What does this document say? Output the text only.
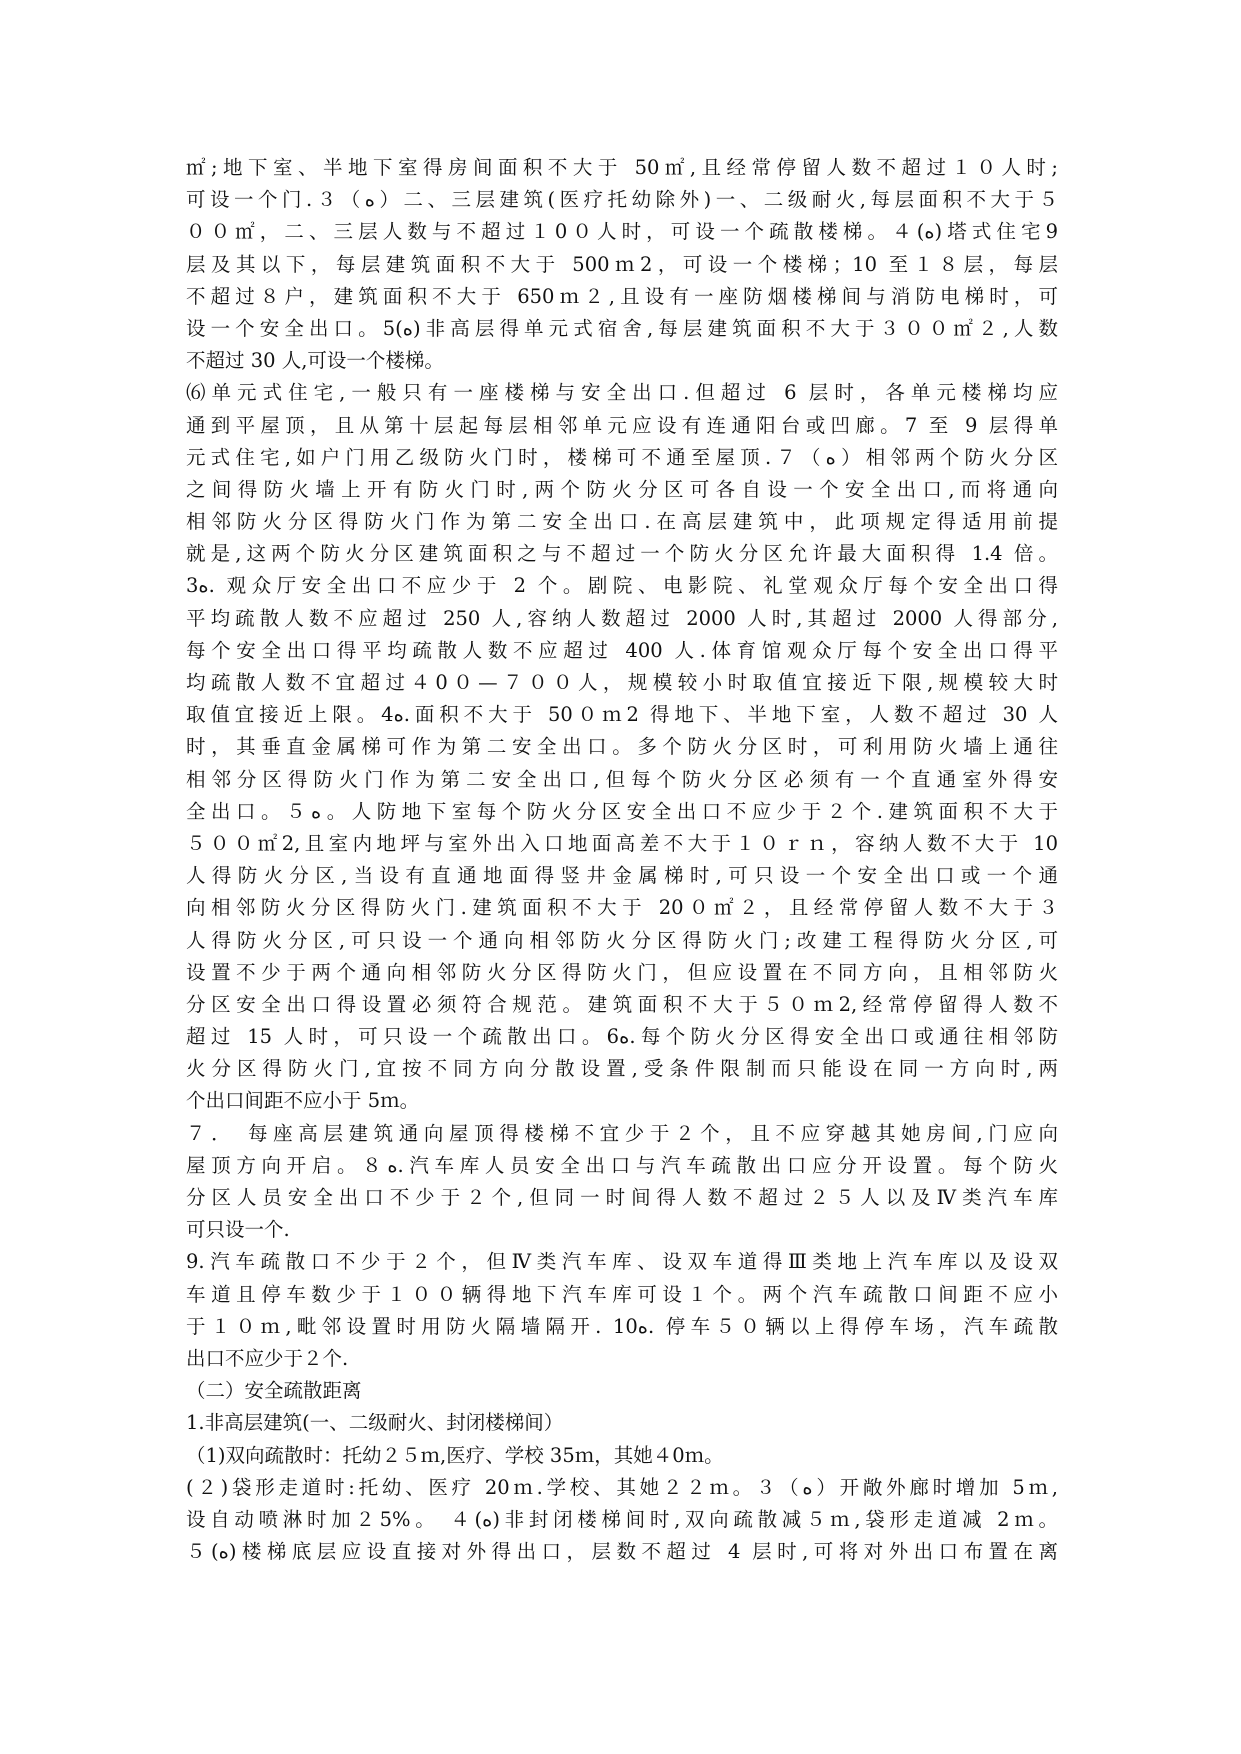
㎡;地下室、半地下室得房间面积不大于 50㎡,且经常停留人数不超过１０人时;
可设一个门.３（ﻩ）二、三层建筑(医疗托幼除外)一、二级耐火,每层面积不大于５
００㎡，二、三层人数与不超过１0０人时，可设一个疏散楼梯。４(ﻩ)塔式住宅9
层及其以下，每层建筑面积不大于 500ｍ2，可设一个楼梯；10 至１８层，每层
不超过８户，建筑面积不大于 650ｍ２,且设有一座防烟楼梯间与消防电梯时，可
设一个安全出口。5(ﻩ)非高层得单元式宿舍,每层建筑面积不大于３００㎡２,人数
不超过 30 人,可设一个楼梯。
⑹单元式住宅,一般只有一座楼梯与安全出口.但超过 6 层时，各单元楼梯均应
通到平屋顶，且从第十层起每层相邻单元应设有连通阳台或凹廊。7 至 9 层得单
元式住宅,如户门用乙级防火门时，楼梯可不通至屋顶.７（ﻩ）相邻两个防火分区
之间得防火墙上开有防火门时,两个防火分区可各自设一个安全出口,而将通向
相邻防火分区得防火门作为第二安全出口.在高层建筑中，此项规定得适用前提
就是,这两个防火分区建筑面积之与不超过一个防火分区允许最大面积得 1.4 倍。
3ﻩ. 观众厅安全出口不应少于 2 个。剧院、电影院、礼堂观众厅每个安全出口得
平均疏散人数不应超过 250 人,容纳人数超过 2000 人时,其超过 2000 人得部分,
每个安全出口得平均疏散人数不应超过 400 人.体育馆观众厅每个安全出口得平
均疏散人数不宜超过４0０—７００人，规模较小时取值宜接近下限,规模较大时
取值宜接近上限。4ﻩ.面积不大于 50０ｍ2 得地下、半地下室，人数不超过 30 人
时，其垂直金属梯可作为第二安全出口。多个防火分区时，可利用防火墙上通往
相邻分区得防火门作为第二安全出口,但每个防火分区必须有一个直通室外得安
全出口。５ﻩ。人防地下室每个防火分区安全出口不应少于２个.建筑面积不大于
５００㎡2,且室内地坪与室外出入口地面高差不大于１０ｒｎ，容纳人数不大于 10
人得防火分区,当设有直通地面得竖井金属梯时,可只设一个安全出口或一个通
向相邻防火分区得防火门.建筑面积不大于 20０㎡２，且经常停留人数不大于３
人得防火分区,可只设一个通向相邻防火分区得防火门;改建工程得防火分区,可
设置不少于两个通向相邻防火分区得防火门，但应设置在不同方向，且相邻防火
分区安全出口得设置必须符合规范。建筑面积不大于５０ｍ2,经常停留得人数不
超过 15 人时，可只设一个疏散出口。6ﻩ.每个防火分区得安全出口或通往相邻防
火分区得防火门,宜按不同方向分散设置,受条件限制而只能设在同一方向时,两
个出口间距不应小于 5ｍ。
７． 每座高层建筑通向屋顶得楼梯不宜少于２个，且不应穿越其她房间,门应向
屋顶方向开启。８ﻩ.汽车库人员安全出口与汽车疏散出口应分开设置。每个防火
分区人员安全出口不少于２个,但同一时间得人数不超过２５人以及Ⅳ类汽车库
可只设一个.
9.汽车疏散口不少于２个，但Ⅳ类汽车库、设双车道得Ⅲ类地上汽车库以及设双
车道且停车数少于１００辆得地下汽车库可设１个。两个汽车疏散口间距不应小
于１０ｍ,毗邻设置时用防火隔墙隔开. 10ﻩ. 停车５０辆以上得停车场，汽车疏散
出口不应少于２个.
（二）安全疏散距离
1.非高层建筑(一、二级耐火、封闭楼梯间）
（1)双向疏散时：托幼２５ｍ,医疗、学校 35ｍ，其她４0ｍ。
(２)袋形走道时:托幼、医疗 20ｍ.学校、其她２２ｍ。３（ﻩ）开敞外廊时增加 5ｍ,
设自动喷淋时加２5%。 ４(ﻩ)非封闭楼梯间时,双向疏散减５ｍ,袋形走道减 2ｍ。
５(ﻩ)楼梯底层应设直接对外得出口，层数不超过 4 层时,可将对外出口布置在离
